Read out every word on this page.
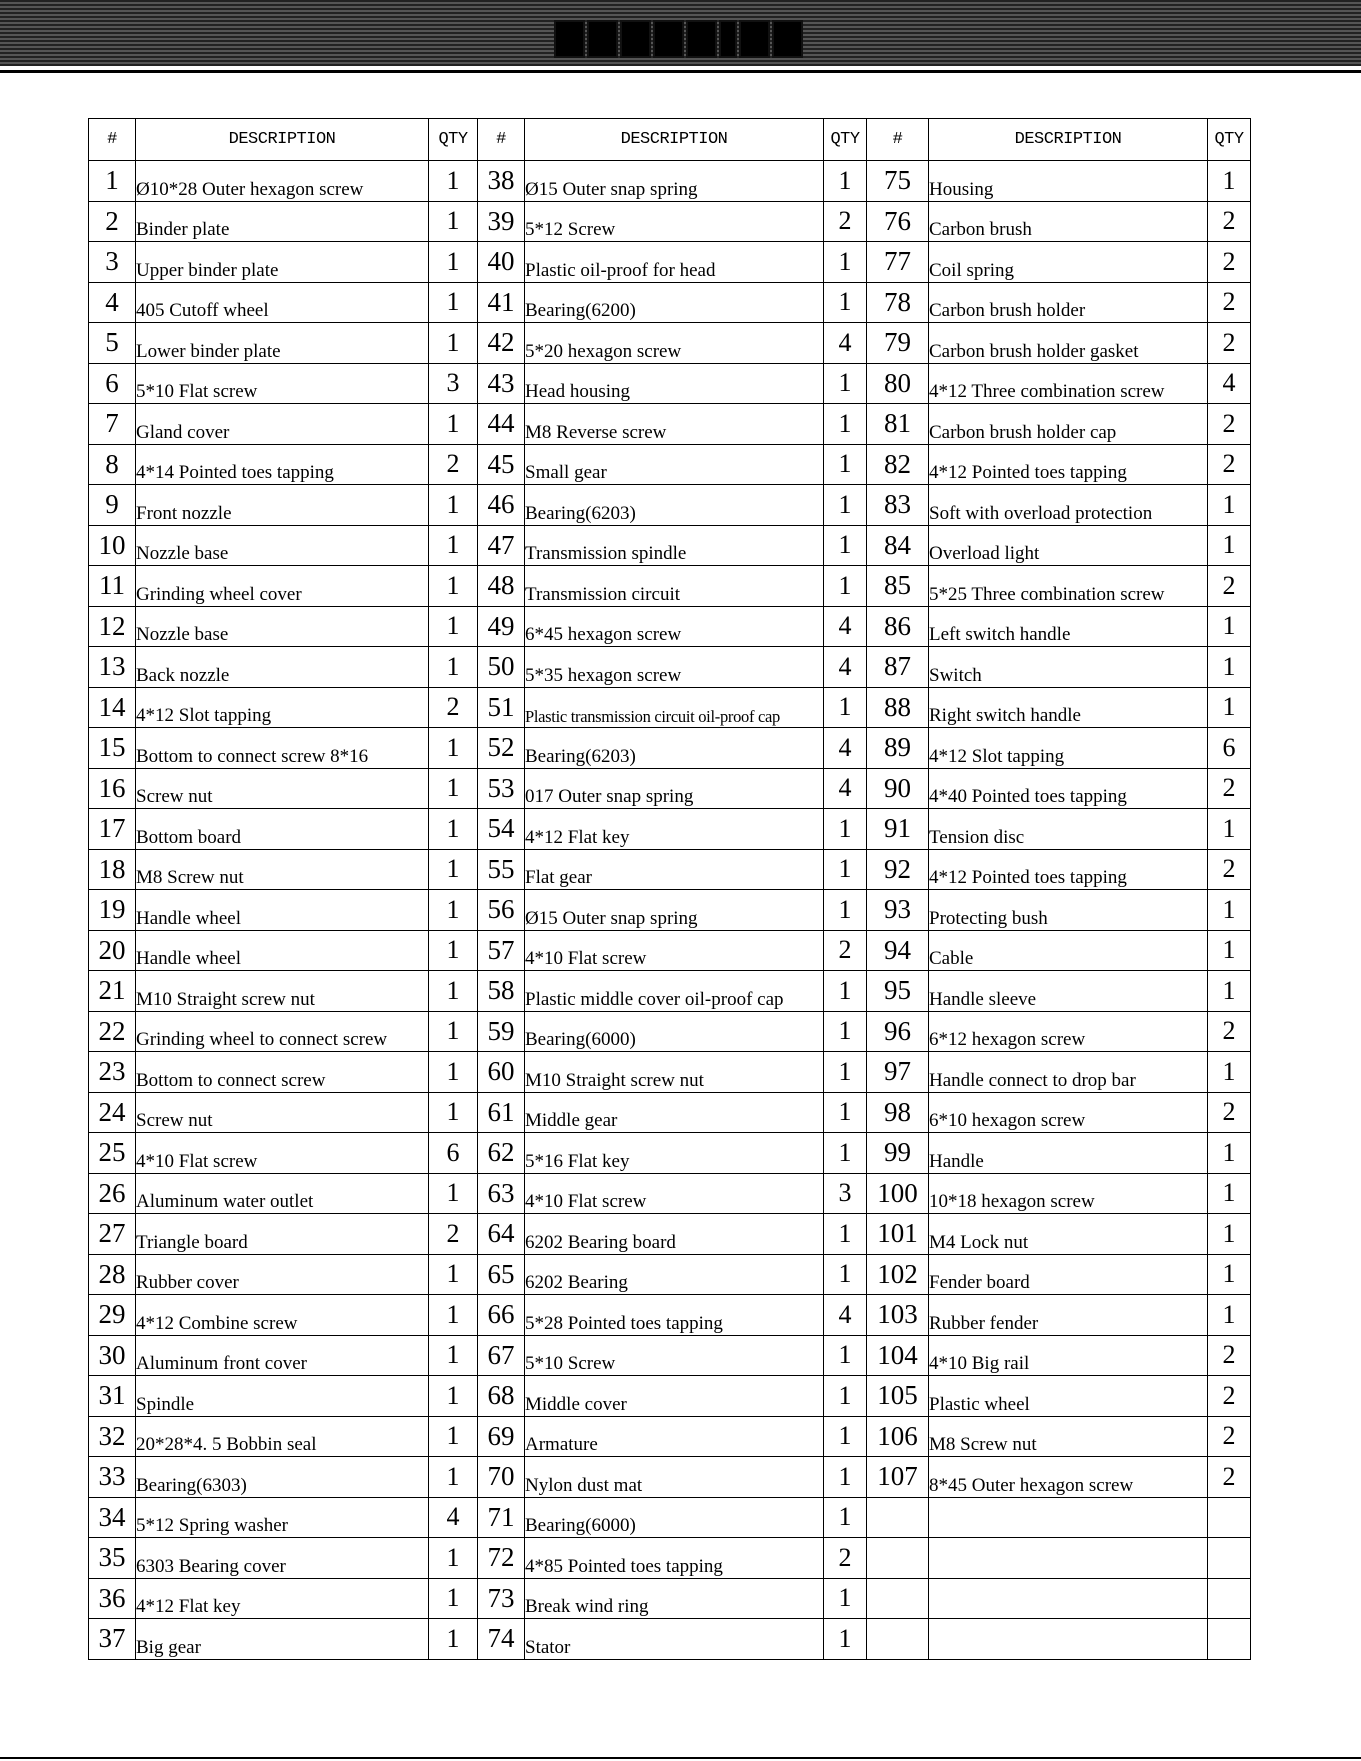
#	DESCRIPTION	QTY	#	DESCRIPTION	QTY	#	DESCRIPTION	QTY
1	Ø10*28 Outer hexagon screw	1	38	Ø15 Outer snap spring	1	75	Housing	1
2	Binder plate	1	39	5*12 Screw	2	76	Carbon brush	2
3	Upper binder plate	1	40	Plastic oil-proof for head	1	77	Coil spring	2
4	405 Cutoff wheel	1	41	Bearing(6200)	1	78	Carbon brush holder	2
5	Lower binder plate	1	42	5*20 hexagon screw	4	79	Carbon brush holder gasket	2
6	5*10 Flat screw	3	43	Head housing	1	80	4*12 Three combination screw	4
7	Gland cover	1	44	M8 Reverse screw	1	81	Carbon brush holder cap	2
8	4*14 Pointed toes tapping	2	45	Small gear	1	82	4*12 Pointed toes tapping	2
9	Front nozzle	1	46	Bearing(6203)	1	83	Soft with overload protection	1
10	Nozzle base	1	47	Transmission spindle	1	84	Overload light	1
11	Grinding wheel cover	1	48	Transmission circuit	1	85	5*25 Three combination screw	2
12	Nozzle base	1	49	6*45 hexagon screw	4	86	Left switch handle	1
13	Back nozzle	1	50	5*35 hexagon screw	4	87	Switch	1
14	4*12 Slot tapping	2	51	Plastic transmission circuit oil-proof cap	1	88	Right switch handle	1
15	Bottom to connect screw 8*16	1	52	Bearing(6203)	4	89	4*12 Slot tapping	6
16	Screw nut	1	53	017 Outer snap spring	4	90	4*40 Pointed toes tapping	2
17	Bottom board	1	54	4*12 Flat key	1	91	Tension disc	1
18	M8 Screw nut	1	55	Flat gear	1	92	4*12 Pointed toes tapping	2
19	Handle wheel	1	56	Ø15 Outer snap spring	1	93	Protecting bush	1
20	Handle wheel	1	57	4*10 Flat screw	2	94	Cable	1
21	M10 Straight screw nut	1	58	Plastic middle cover oil-proof cap	1	95	Handle sleeve	1
22	Grinding wheel to connect screw	1	59	Bearing(6000)	1	96	6*12 hexagon screw	2
23	Bottom to connect screw	1	60	M10 Straight screw nut	1	97	Handle connect to drop bar	1
24	Screw nut	1	61	Middle gear	1	98	6*10 hexagon screw	2
25	4*10 Flat screw	6	62	5*16 Flat key	1	99	Handle	1
26	Aluminum water outlet	1	63	4*10 Flat screw	3	100	10*18 hexagon screw	1
27	Triangle board	2	64	6202 Bearing board	1	101	M4 Lock nut	1
28	Rubber cover	1	65	6202 Bearing	1	102	Fender board	1
29	4*12 Combine screw	1	66	5*28 Pointed toes tapping	4	103	Rubber fender	1
30	Aluminum front cover	1	67	5*10 Screw	1	104	4*10 Big rail	2
31	Spindle	1	68	Middle cover	1	105	Plastic wheel	2
32	20*28*4. 5 Bobbin seal	1	69	Armature	1	106	M8 Screw nut	2
33	Bearing(6303)	1	70	Nylon dust mat	1	107	8*45 Outer hexagon screw	2
34	5*12 Spring washer	4	71	Bearing(6000)	1			
35	6303 Bearing cover	1	72	4*85 Pointed toes tapping	2			
36	4*12 Flat key	1	73	Break wind ring	1			
37	Big gear	1	74	Stator	1			
